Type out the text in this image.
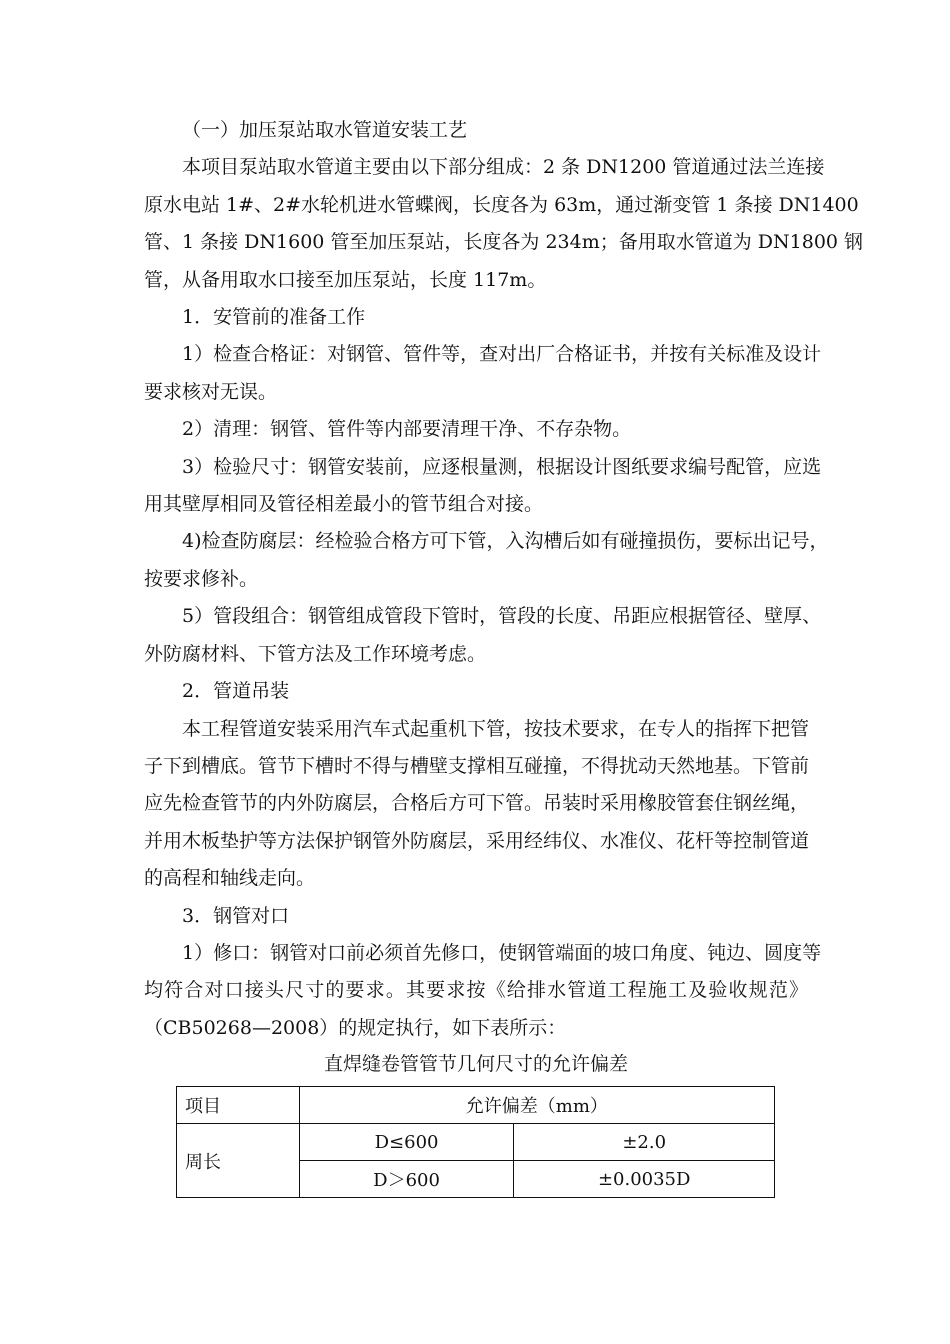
（一）加压泵站取水管道安装工艺
本项目泵站取水管道主要由以下部分组成：2 条 DN1200 管道通过法兰连接
原水电站 1#、2#水轮机进水管蝶阀，长度各为 63m，通过渐变管 1 条接 DN1400
管、1 条接 DN1600 管至加压泵站，长度各为 234m；备用取水管道为 DN1800 钢
管，从备用取水口接至加压泵站，长度 117m。
1．安管前的准备工作
1）检查合格证：对钢管、管件等，查对出厂合格证书，并按有关标准及设计
要求核对无误。
2）清理：钢管、管件等内部要清理干净、不存杂物。
3）检验尺寸：钢管安装前，应逐根量测，根据设计图纸要求编号配管，应选
用其壁厚相同及管径相差最小的管节组合对接。
4)检查防腐层：经检验合格方可下管，入沟槽后如有碰撞损伤，要标出记号，
按要求修补。
5）管段组合：钢管组成管段下管时，管段的长度、吊距应根据管径、壁厚、
外防腐材料、下管方法及工作环境考虑。
2．管道吊装
本工程管道安装采用汽车式起重机下管，按技术要求，在专人的指挥下把管
子下到槽底。管节下槽时不得与槽壁支撑相互碰撞，不得扰动天然地基。下管前
应先检查管节的内外防腐层，合格后方可下管。吊装时采用橡胶管套住钢丝绳，
并用木板垫护等方法保护钢管外防腐层，采用经纬仪、水准仪、花杆等控制管道
的高程和轴线走向。
3．钢管对口
1）修口：钢管对口前必须首先修口，使钢管端面的坡口角度、钝边、圆度等
均符合对口接头尺寸的要求。其要求按《给排水管道工程施工及验收规范》
（CB50268—2008）的规定执行，如下表所示：
直焊缝卷管管节几何尺寸的允许偏差
项目	允许偏差（mm）	
周长	D≤600	±2.0
	D＞600	±0.0035D
